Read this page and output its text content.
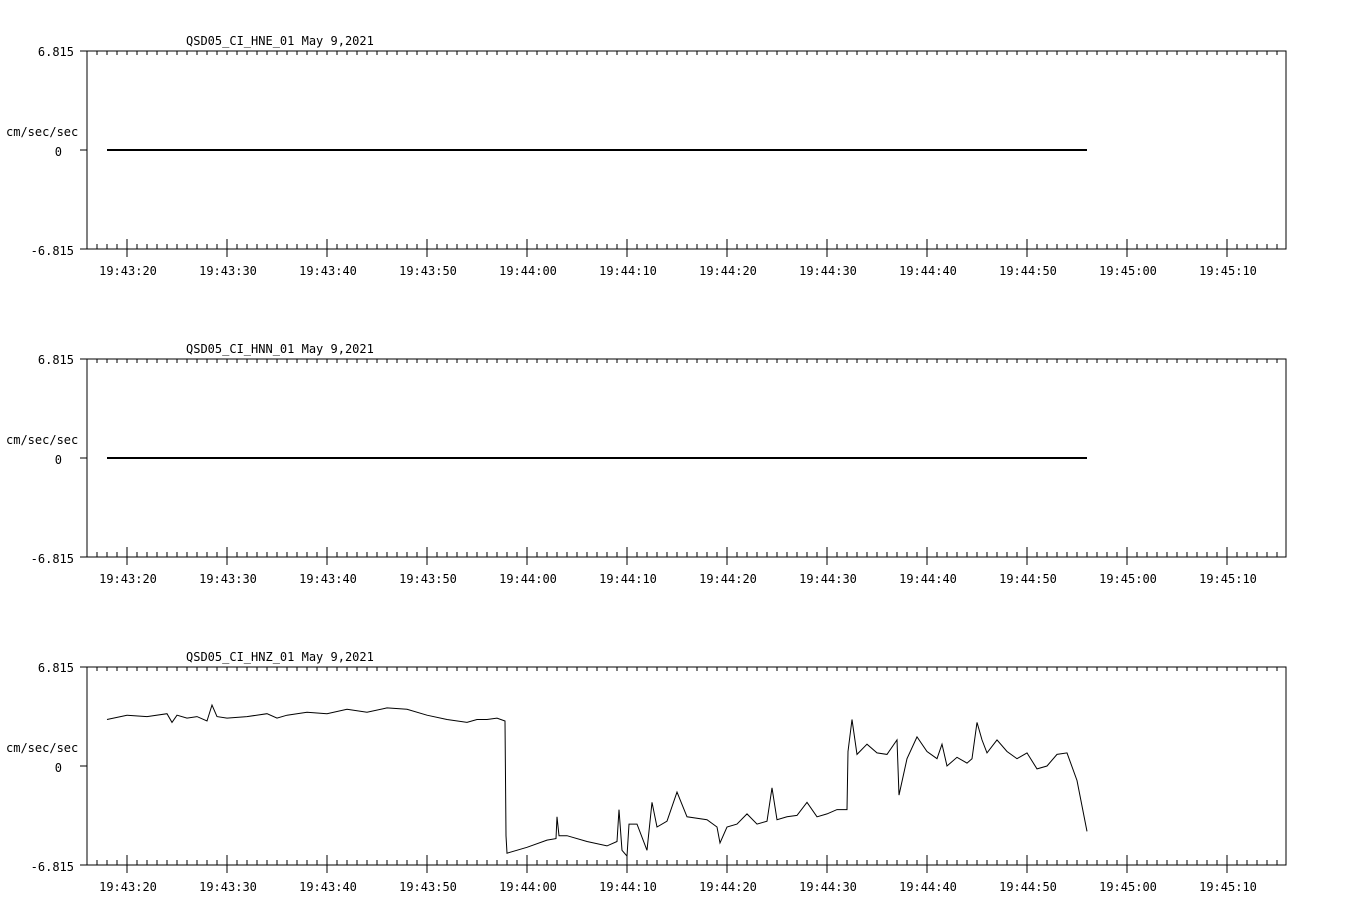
QSD05_CI_HNE_01 May 9,2021
cm/sec/sec
6.815
0
-6.815
19:43:20	19:43:30	19:43:40	19:43:50	19:44:00	19:44:10	19:44:20	19:44:30	19:44:40	19:44:50	19:45:00	19:45:10
QSD05_CI_HNN_01 May 9,2021
cm/sec/sec
6.815
0
-6.815
19:43:20	19:43:30	19:43:40	19:43:50	19:44:00	19:44:10	19:44:20	19:44:30	19:44:40	19:44:50	19:45:00	19:45:10
QSD05_CI_HNZ_01 May 9,2021
cm/sec/sec
6.815
0
-6.815
19:43:20	19:43:30	19:43:40	19:43:50	19:44:00	19:44:10	19:44:20	19:44:30	19:44:40	19:44:50	19:45:00	19:45:10
